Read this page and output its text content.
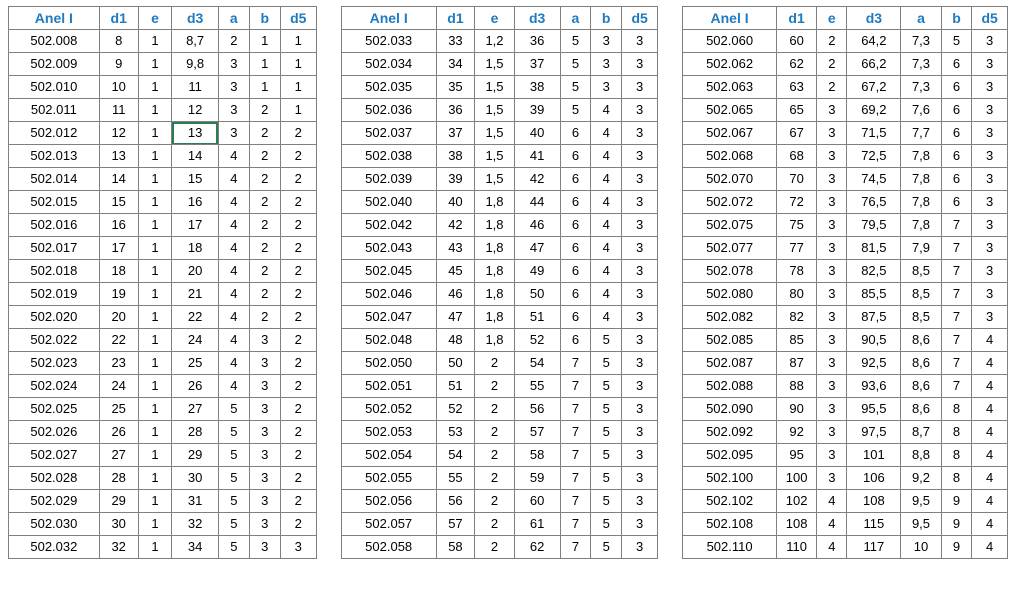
Anel I	d1	e	d3	a	b	d5
502.008	8	1	8,7	2	1	1
502.009	9	1	9,8	3	1	1
502.010	10	1	11	3	1	1
502.011	11	1	12	3	2	1
502.012	12	1	13	3	2	2
502.013	13	1	14	4	2	2
502.014	14	1	15	4	2	2
502.015	15	1	16	4	2	2
502.016	16	1	17	4	2	2
502.017	17	1	18	4	2	2
502.018	18	1	20	4	2	2
502.019	19	1	21	4	2	2
502.020	20	1	22	4	2	2
502.022	22	1	24	4	3	2
502.023	23	1	25	4	3	2
502.024	24	1	26	4	3	2
502.025	25	1	27	5	3	2
502.026	26	1	28	5	3	2
502.027	27	1	29	5	3	2
502.028	28	1	30	5	3	2
502.029	29	1	31	5	3	2
502.030	30	1	32	5	3	2
502.032	32	1	34	5	3	3
Anel I	d1	e	d3	a	b	d5
502.033	33	1,2	36	5	3	3
502.034	34	1,5	37	5	3	3
502.035	35	1,5	38	5	3	3
502.036	36	1,5	39	5	4	3
502.037	37	1,5	40	6	4	3
502.038	38	1,5	41	6	4	3
502.039	39	1,5	42	6	4	3
502.040	40	1,8	44	6	4	3
502.042	42	1,8	46	6	4	3
502.043	43	1,8	47	6	4	3
502.045	45	1,8	49	6	4	3
502.046	46	1,8	50	6	4	3
502.047	47	1,8	51	6	4	3
502.048	48	1,8	52	6	5	3
502.050	50	2	54	7	5	3
502.051	51	2	55	7	5	3
502.052	52	2	56	7	5	3
502.053	53	2	57	7	5	3
502.054	54	2	58	7	5	3
502.055	55	2	59	7	5	3
502.056	56	2	60	7	5	3
502.057	57	2	61	7	5	3
502.058	58	2	62	7	5	3
Anel I	d1	e	d3	a	b	d5
502.060	60	2	64,2	7,3	5	3
502.062	62	2	66,2	7,3	6	3
502.063	63	2	67,2	7,3	6	3
502.065	65	3	69,2	7,6	6	3
502.067	67	3	71,5	7,7	6	3
502.068	68	3	72,5	7,8	6	3
502.070	70	3	74,5	7,8	6	3
502.072	72	3	76,5	7,8	6	3
502.075	75	3	79,5	7,8	7	3
502.077	77	3	81,5	7,9	7	3
502.078	78	3	82,5	8,5	7	3
502.080	80	3	85,5	8,5	7	3
502.082	82	3	87,5	8,5	7	3
502.085	85	3	90,5	8,6	7	4
502.087	87	3	92,5	8,6	7	4
502.088	88	3	93,6	8,6	7	4
502.090	90	3	95,5	8,6	8	4
502.092	92	3	97,5	8,7	8	4
502.095	95	3	101	8,8	8	4
502.100	100	3	106	9,2	8	4
502.102	102	4	108	9,5	9	4
502.108	108	4	115	9,5	9	4
502.110	110	4	117	10	9	4
